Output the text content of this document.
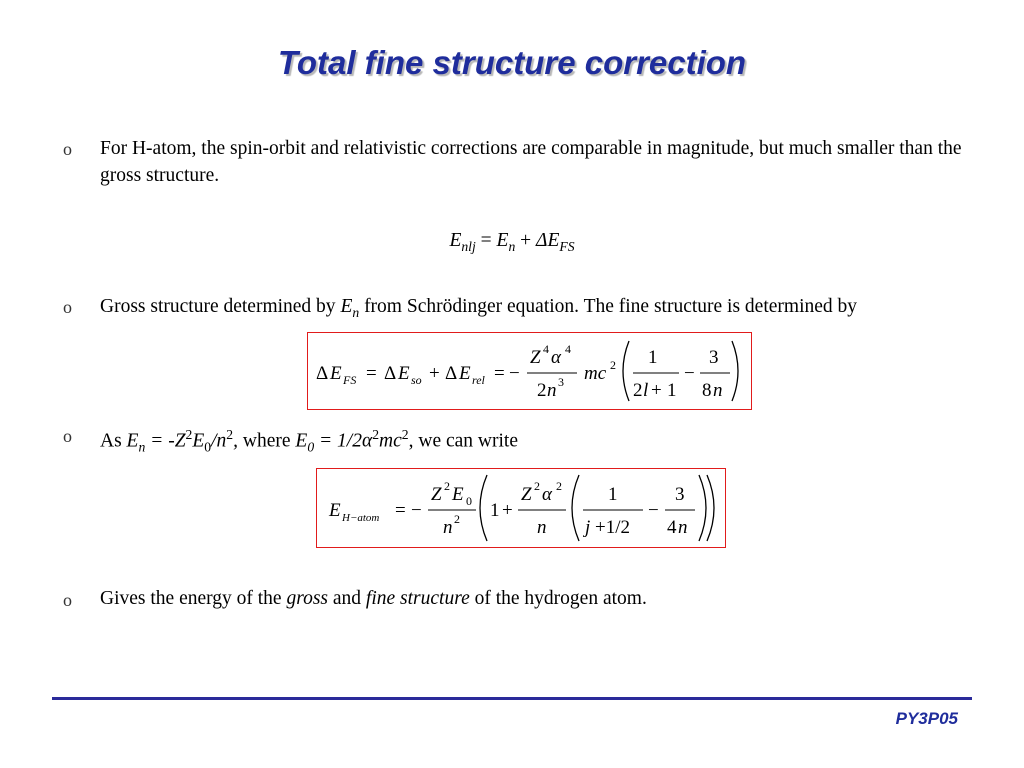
Total fine structure correction
o For H-atom, the spin-orbit and relativistic corrections are comparable in magnitude, but much smaller than the gross structure.
$E_{nlj} = E_n + \Delta E_{FS}$
o Gross structure determined by $E_n$ from Schrödinger equation. The fine structure is determined by
Δ E FS = Δ E so + Δ E rel = −
Z 4 α 4
2 n 3 mc 2 1
2 l + 1
−
3
8 n
o As $E_n = -Z^2E_0/n^2$, where $E_0 = 1/2\alpha^2mc^2$, we can write
E H−atom = −
Z 2 E 0
n 2 1 +
Z 2 α 2
n
1
j +1/2
−
3
4 n
o Gives the energy of the gross and fine structure of the hydrogen atom.
PY3P05
